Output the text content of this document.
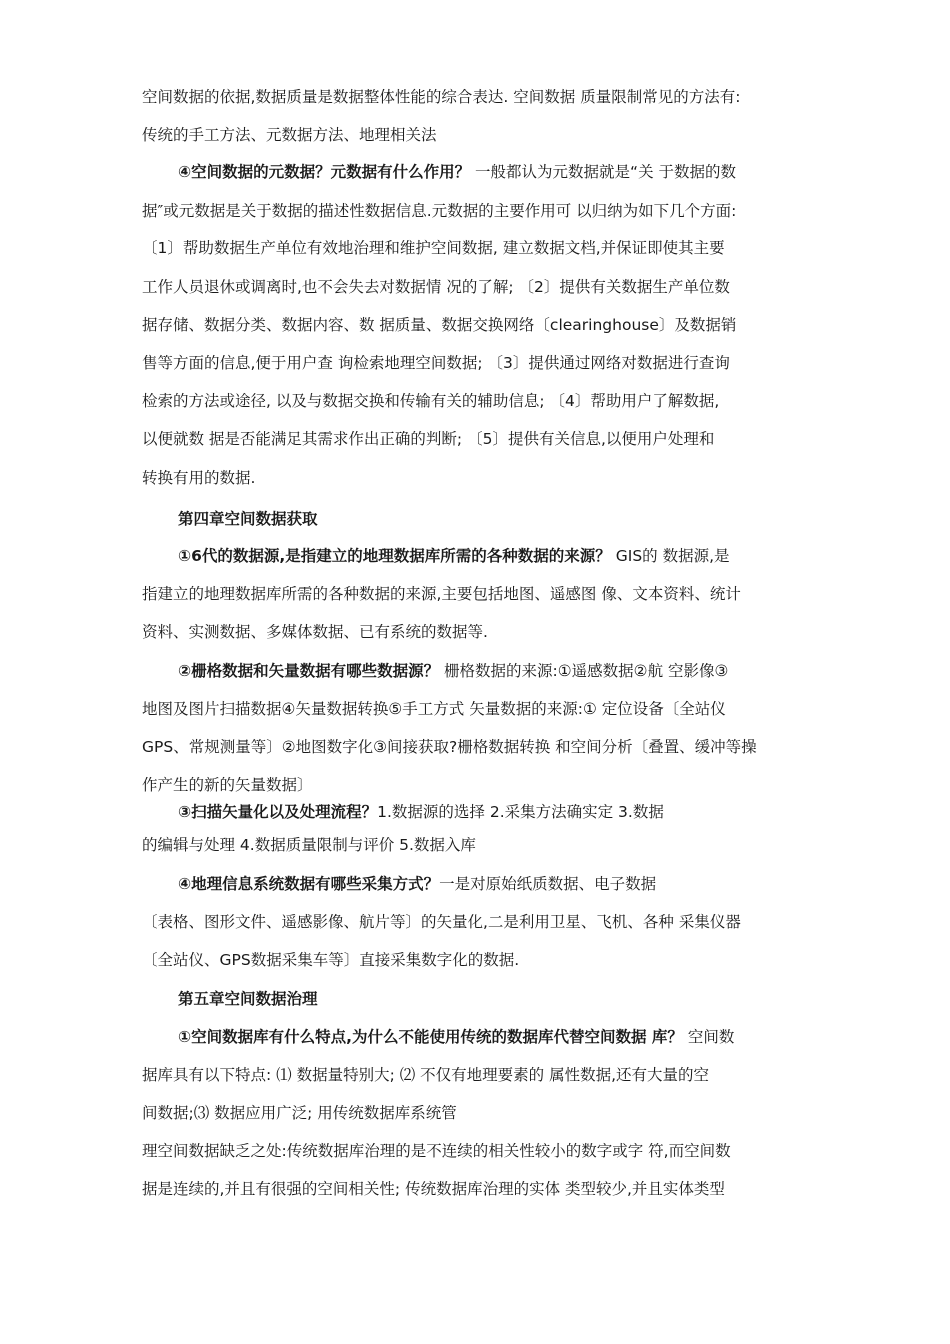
空间数据的依据,数据质量是数据整体性能的综合表达. 空间数据 质量限制常见的方法有:
传统的手工方法、元数据方法、地理相关法
④空间数据的元数据？元数据有什么作用？ 一般都认为元数据就是“关 于数据的数
据″或元数据是关于数据的描述性数据信息.元数据的主要作用可 以归纳为如下几个方面:
〔1〕帮助数据生产单位有效地治理和维护空间数据, 建立数据文档,并保证即使其主要
工作人员退休或调离时,也不会失去对数据情 况的了解; 〔2〕提供有关数据生产单位数
据存储、数据分类、数据内容、数 据质量、数据交换网络〔clearinghouse〕及数据销
售等方面的信息,便于用户查 询检索地理空间数据; 〔3〕提供通过网络对数据进行查询
检索的方法或途径, 以及与数据交换和传输有关的辅助信息; 〔4〕帮助用户了解数据,
以便就数 据是否能满足其需求作出正确的判断; 〔5〕提供有关信息,以便用户处理和
转换有用的数据.
第四章空间数据获取
①6代的数据源,是指建立的地理数据库所需的各种数据的来源？ GIS的 数据源,是
指建立的地理数据库所需的各种数据的来源,主要包括地图、遥感图 像、文本资料、统计
资料、实测数据、多媒体数据、已有系统的数据等.
②栅格数据和矢量数据有哪些数据源？ 栅格数据的来源:①遥感数据②航 空影像③
地图及图片扫描数据④矢量数据转换⑤手工方式 矢量数据的来源:① 定位设备〔全站仪
GPS、常规测量等〕②地图数字化③间接获取?栅格数据转换 和空间分析〔叠置、缓冲等操
作产生的新的矢量数据〕
③扫描矢量化以及处理流程？1.数据源的选择 2.采集方法确实定 3.数据
的编辑与处理 4.数据质量限制与评价 5.数据入库
④地理信息系统数据有哪些采集方式？一是对原始纸质数据、电子数据
〔表格、图形文件、遥感影像、航片等〕的矢量化,二是利用卫星、飞机、各种 采集仪器
〔全站仪、GPS数据采集车等〕直接采集数字化的数据.
第五章空间数据治理
①空间数据库有什么特点,为什么不能使用传统的数据库代替空间数据 库？ 空间数
据库具有以下特点: ⑴ 数据量特别大; ⑵ 不仅有地理要素的 属性数据,还有大量的空
间数据;⑶ 数据应用广泛; 用传统数据库系统管
理空间数据缺乏之处:传统数据库治理的是不连续的相关性较小的数字或字 符,而空间数
据是连续的,并且有很强的空间相关性; 传统数据库治理的实体 类型较少,并且实体类型
